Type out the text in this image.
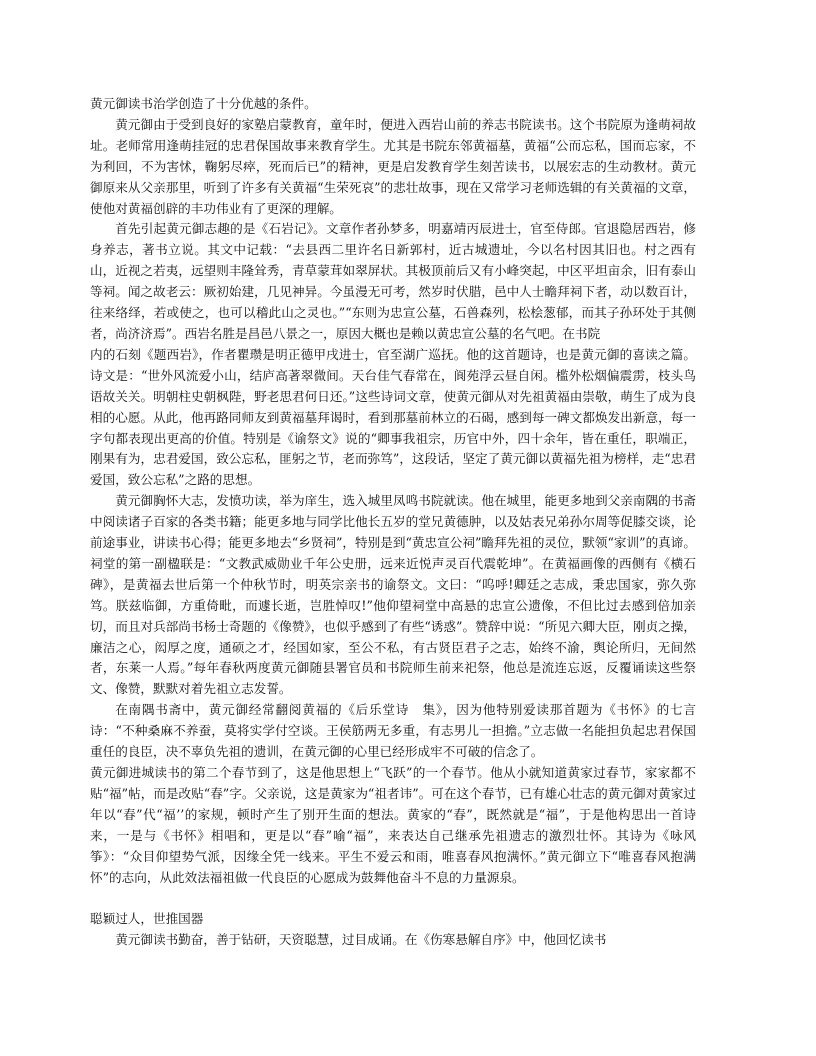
黄元御读书治学创造了十分优越的条件。

黄元御由于受到良好的家塾启蒙教育，童年时，便进入西岩山前的养志书院读书。这个书院原为逢萌祠故址。老师常用逢萌挂冠的忠君保国故事来教育学生。尤其是书院东邻黄福墓，黄福“公而忘私，国而忘家，不为利回，不为害怵，鞠躬尽瘁，死而后已”的精神，更是启发教育学生刻苦读书，以展宏志的生动教材。黄元御原来从父亲那里，听到了许多有关黄福“生荣死哀”的悲壮故事，现在又常学习老师选辑的有关黄福的文章，使他对黄福创辟的丰功伟业有了更深的理解。

首先引起黄元御志趣的是《石岩记》。文章作者孙梦多，明嘉靖丙辰进士，官至侍郎。官退隐居西岩，修身养志，著书立说。其文中记载：“去县西二里许名日新郭村，近古城遗址，今以名村因其旧也。村之西有山，近视之若夷，远望则丰隆耸秀，青草蒙茸如翠屏状。其极顶前后又有小峰突起，中区平坦亩余，旧有泰山等祠。闻之故老云：厥初始建，几见神异。今虽漫无可考，然岁时伏腊，邑中人士瞻拜祠下者，动以数百计，往来络绎，若或使之，也可以稽此山之灵也。”“东则为忠宣公墓，石兽森列，松桧葱郁，而其子孙环处于其侧者，尚济济焉”。西岩名胜是昌邑八景之一，原因大概也是赖以黄忠宣公墓的名气吧。在书院

内的石刻《题西岩》，作者瞿瓒是明正德甲戌进士，官至湖广巡抚。他的这首题诗，也是黄元御的喜读之篇。诗文是：“世外风流爱小山，结庐高著翠微间。天台佳气春常在，阆苑浮云昼自闲。槛外松烟偏震雳，枝头鸟语故关关。明朝柱史朝枫陛，野老思君何日还。”这些诗词文章，使黄元御从对先祖黄福由崇敬，萌生了成为良相的心愿。从此，他再路同师友到黄福墓拜谒时，看到那墓前林立的石碣，感到每一碑文都焕发出新意，每一字句都表现出更高的价值。特别是《谕祭文》说的“卿事我祖宗，历官中外，四十余年，皆在重任，职端正，刚果有为，忠君爱国，致公忘私，匪躬之节，老而弥笃”，这段话，坚定了黄元御以黄福先祖为榜样，走“忠君爱国，致公忘私”之路的思想。

黄元御胸怀大志，发愤功读，举为庠生，选入城里凤鸣书院就读。他在城里，能更多地到父亲南隅的书斋中阅读诸子百家的各类书籍；能更多地与同学比他长五岁的堂兄黄德肿，以及姑表兄弟孙尔周等促膝交谈，论前途事业，讲读书心得；能更多地去“乡贤祠”，特别是到“黄忠宣公祠”瞻拜先祖的灵位，默领“家训”的真谛。祠堂的第一副楹联是：“文教武威勋业千年公史册，远来近悦声灵百代震乾坤”。在黄福画像的西侧有《横石碑》，是黄福去世后第一个仲秋节时，明英宗亲书的谕祭文。文曰：“呜呼!卿廷之志成，秉忠国家，弥久弥笃。朕兹临御，方重倚毗，而遽长逝，岂胜悼叹!”他仰望祠堂中高悬的忠宣公遗像，不但比过去感到倍加亲切，而且对兵部尚书杨士奇题的《像赞》，也似乎感到了有些“诱惑”。赞辞中说：“所见六卿大臣，刚贞之操，廉洁之心，闳厚之度，通硕之才，经国如家，至公不私，有古贤臣君子之志，始终不渝，舆论所归，无间然者，东莱一人焉。”每年春秋两度黄元御随县署官员和书院师生前来祀祭，他总是流连忘返，反覆诵读这些祭文、像赞，默默对着先祖立志发誓。

在南隅书斋中，黄元御经常翻阅黄福的《后乐堂诗　集》，因为他特别爱读那首题为《书怀》的七言诗：“不种桑麻不养蚕，莫将实学付空谈。王侯筋两无多重，有志男儿一担擔。”立志做一名能担负起忠君保国重任的良臣，决不辜负先祖的遗训，在黄元御的心里已经形成牢不可破的信念了。

黄元御进城读书的第二个春节到了，这是他思想上“飞跃”的一个春节。他从小就知道黄家过春节，家家都不贴“福”帖，而是改贴“春”字。父亲说，这是黄家为“祖者讳”。可在这个春节，已有雄心壮志的黄元御对黄家过年以“春”代“福’’的家规，顿时产生了别开生面的想法。黄家的“春”，既然就是“福”，于是他构思出一首诗来，一是与《书怀》相唱和，更是以“春”喻“福”，来表达自己继承先祖遗志的激烈壮怀。其诗为《咏风筝》：“众目仰望势气派，因缘全凭一线来。平生不爱云和雨，唯喜春风抱满怀。”黄元御立下“唯喜春风抱满怀”的志向，从此效法福祖做一代良臣的心愿成为鼓舞他奋斗不息的力量源泉。

聪颖过人，世推国器

黄元御读书勤奋，善于钻研，天资聪慧，过目成诵。在《伤寒悬解自序》中，他回忆读书
